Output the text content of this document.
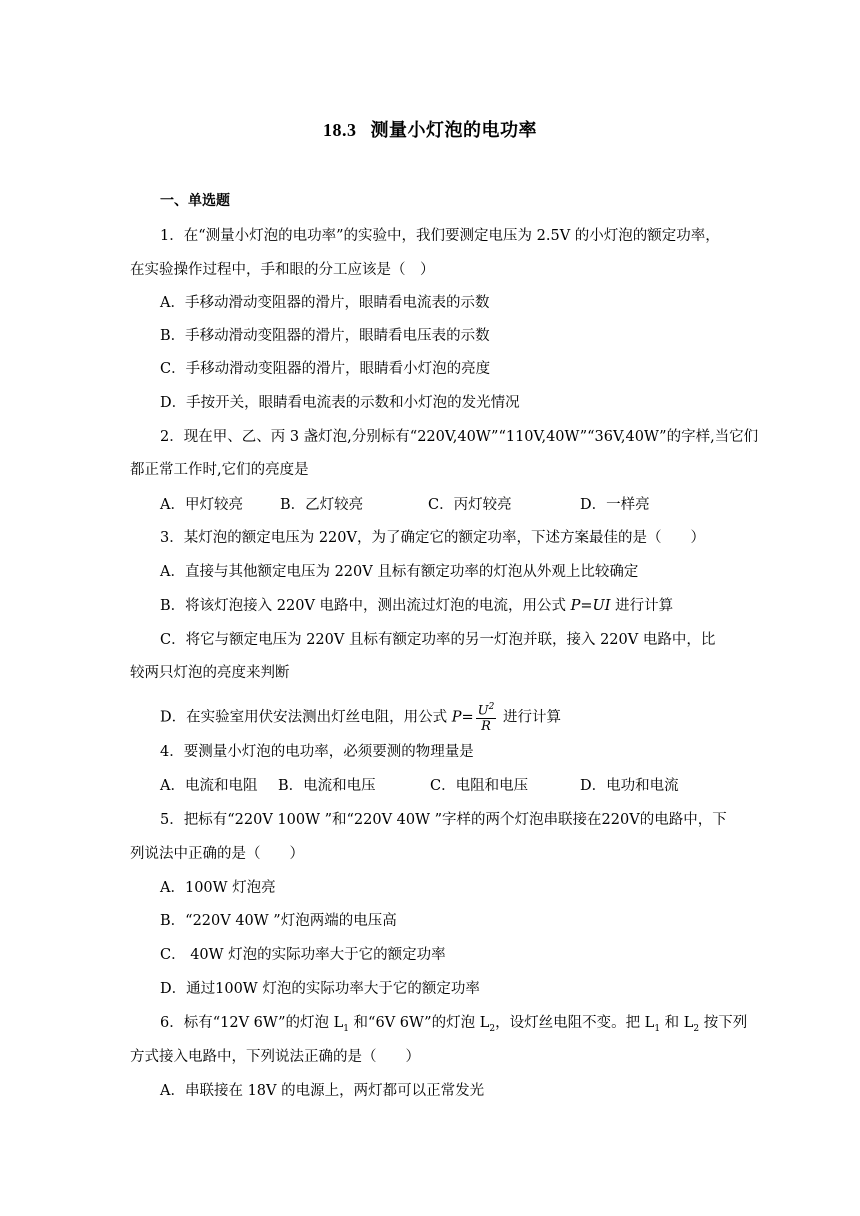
18.3 测量小灯泡的电功率
一、单选题
1．在“测量小灯泡的电功率”的实验中，我们要测定电压为 2.5V 的小灯泡的额定功率，
在实验操作过程中，手和眼的分工应该是（　）
A．手移动滑动变阻器的滑片，眼睛看电流表的示数
B．手移动滑动变阻器的滑片，眼睛看电压表的示数
C．手移动滑动变阻器的滑片，眼睛看小灯泡的亮度
D．手按开关，眼睛看电流表的示数和小灯泡的发光情况
2．现在甲、乙、丙 3 盏灯泡,分别标有“220V,40W”“110V,40W”“36V,40W”的字样,当它们
都正常工作时,它们的亮度是
A．甲灯较亮	B．乙灯较亮	C．丙灯较亮	D．一样亮
3．某灯泡的额定电压为 220V，为了确定它的额定功率，下述方案最佳的是（　　）
A．直接与其他额定电压为 220V 且标有额定功率的灯泡从外观上比较确定
B．将该灯泡接入 220V 电路中，测出流过灯泡的电流，用公式 P=UI 进行计算
C．将它与额定电压为 220V 且标有额定功率的另一灯泡并联，接入 220V 电路中，比
较两只灯泡的亮度来判断
D．在实验室用伏安法测出灯丝电阻，用公式 $P= \frac{U^2}{R}$ 进行计算
4．要测量小灯泡的电功率，必须要测的物理量是
A．电流和电阻 B．电流和电压	C．电阻和电压	D．电功和电流
5．把标有“220V 100W ”和“220V 40W ”字样的两个灯泡串联接在220V的电路中，下
列说法中正确的是（　　）
A．100W 灯泡亮
B．“220V 40W ”灯泡两端的电压高
C． 40W 灯泡的实际功率大于它的额定功率
D．通过100W 灯泡的实际功率大于它的额定功率
6．标有“12V 6W”的灯泡 $L_1$ 和“6V 6W”的灯泡 $L_2$，设灯丝电阻不变。把 $L_1$ 和 $L_2$ 按下列
方式接入电路中，下列说法正确的是（　　）
A．串联接在 18V 的电源上，两灯都可以正常发光
